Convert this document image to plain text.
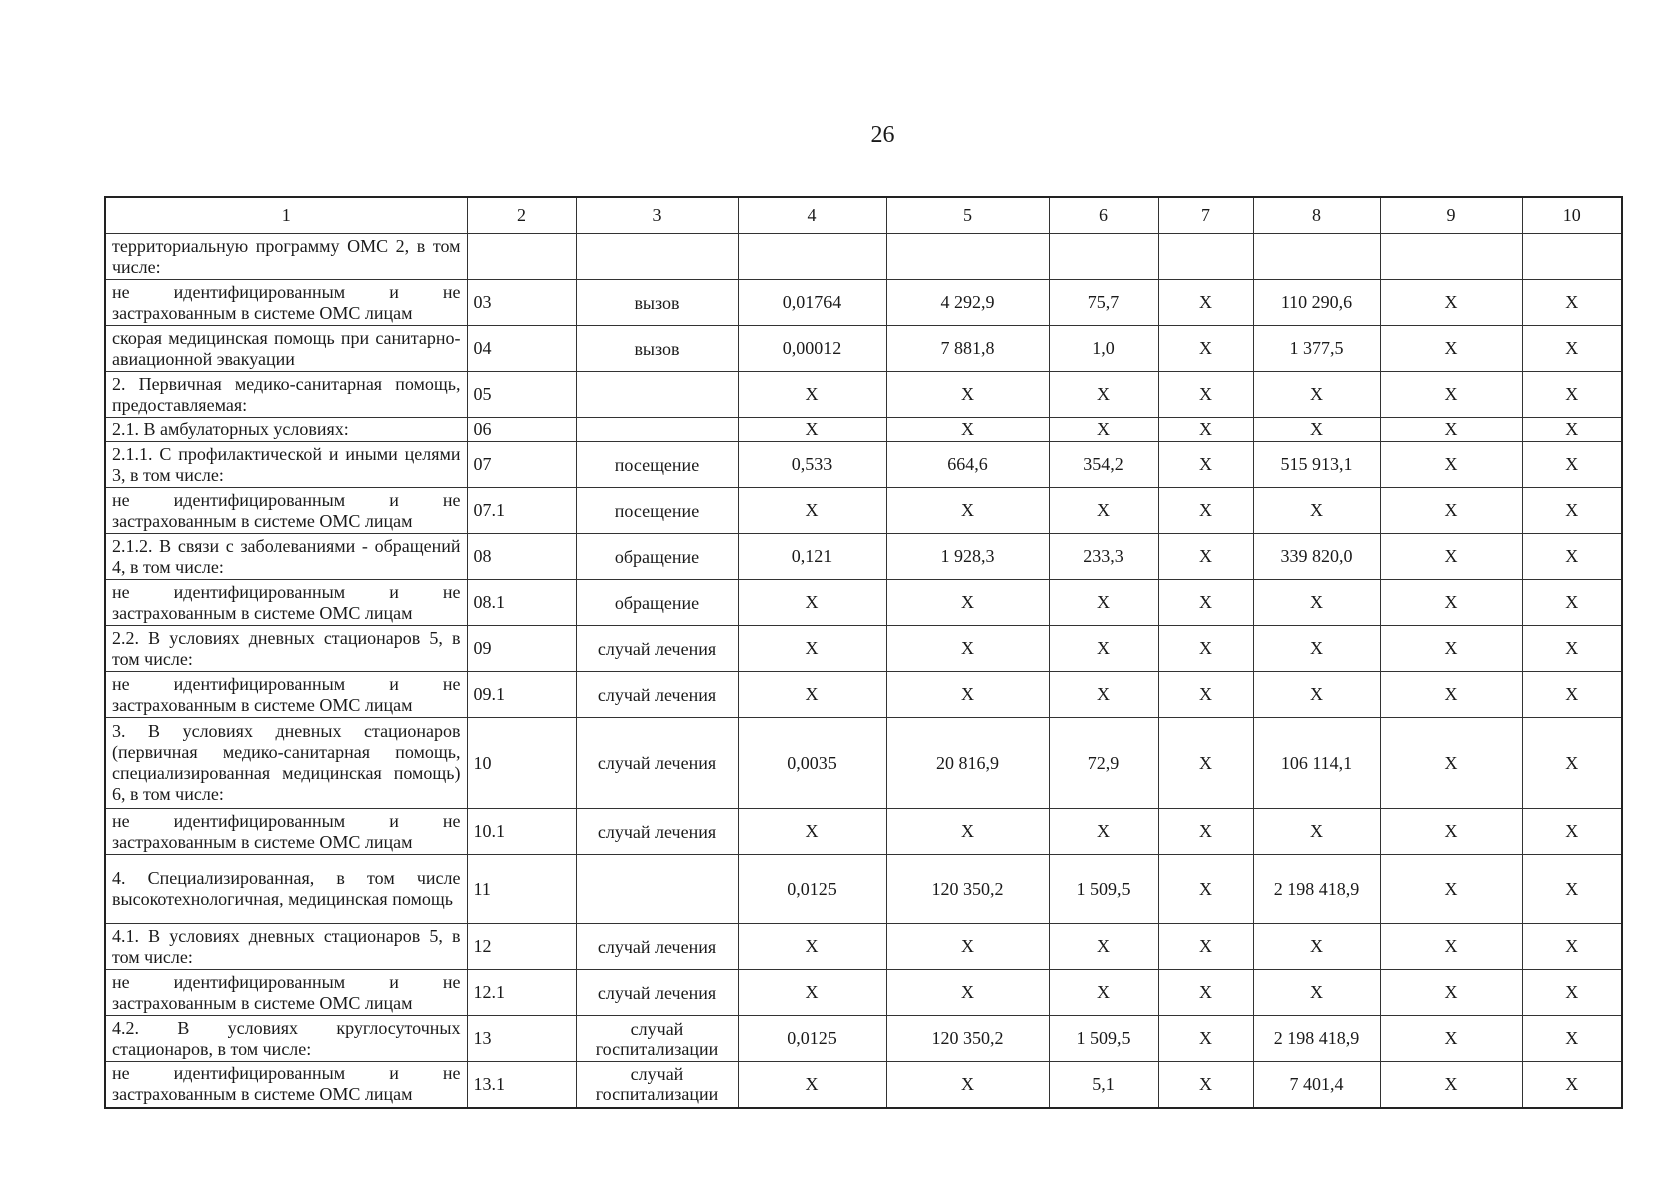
26
1	2	3	4	5	6	7	8	9	10
территориальную программу ОМС 2, в том числе:									
не идентифицированным и не застрахованным в системе ОМС лицам	03	вызов	0,01764	4 292,9	75,7	X	110 290,6	X	X
скорая медицинская помощь при санитарно-авиационной эвакуации	04	вызов	0,00012	7 881,8	1,0	X	1 377,5	X	X
2. Первичная медико-санитарная помощь, предоставляемая:	05		X	X	X	X	X	X	X
2.1. В амбулаторных условиях:	06		X	X	X	X	X	X	X
2.1.1. С профилактической и иными целями 3, в том числе:	07	посещение	0,533	664,6	354,2	X	515 913,1	X	X
не идентифицированным и не застрахованным в системе ОМС лицам	07.1	посещение	X	X	X	X	X	X	X
2.1.2. В связи с заболеваниями - обращений 4, в том числе:	08	обращение	0,121	1 928,3	233,3	X	339 820,0	X	X
не идентифицированным и не застрахованным в системе ОМС лицам	08.1	обращение	X	X	X	X	X	X	X
2.2. В условиях дневных стационаров 5, в том числе:	09	случай лечения	X	X	X	X	X	X	X
не идентифицированным и не застрахованным в системе ОМС лицам	09.1	случай лечения	X	X	X	X	X	X	X
3. В условиях дневных стационаров (первичная медико-санитарная помощь, специализированная медицинская помощь) 6, в том числе:	10	случай лечения	0,0035	20 816,9	72,9	X	106 114,1	X	X
не идентифицированным и не застрахованным в системе ОМС лицам	10.1	случай лечения	X	X	X	X	X	X	X
4. Специализированная, в том числе высокотехнологичная, медицинская помощь	11		0,0125	120 350,2	1 509,5	X	2 198 418,9	X	X
4.1. В условиях дневных стационаров 5, в том числе:	12	случай лечения	X	X	X	X	X	X	X
не идентифицированным и не застрахованным в системе ОМС лицам	12.1	случай лечения	X	X	X	X	X	X	X
4.2. В условиях круглосуточных стационаров, в том числе:	13	случай госпитализации	0,0125	120 350,2	1 509,5	X	2 198 418,9	X	X
не идентифицированным и не застрахованным в системе ОМС лицам	13.1	случай госпитализации	X	X	5,1	X	7 401,4	X	X
